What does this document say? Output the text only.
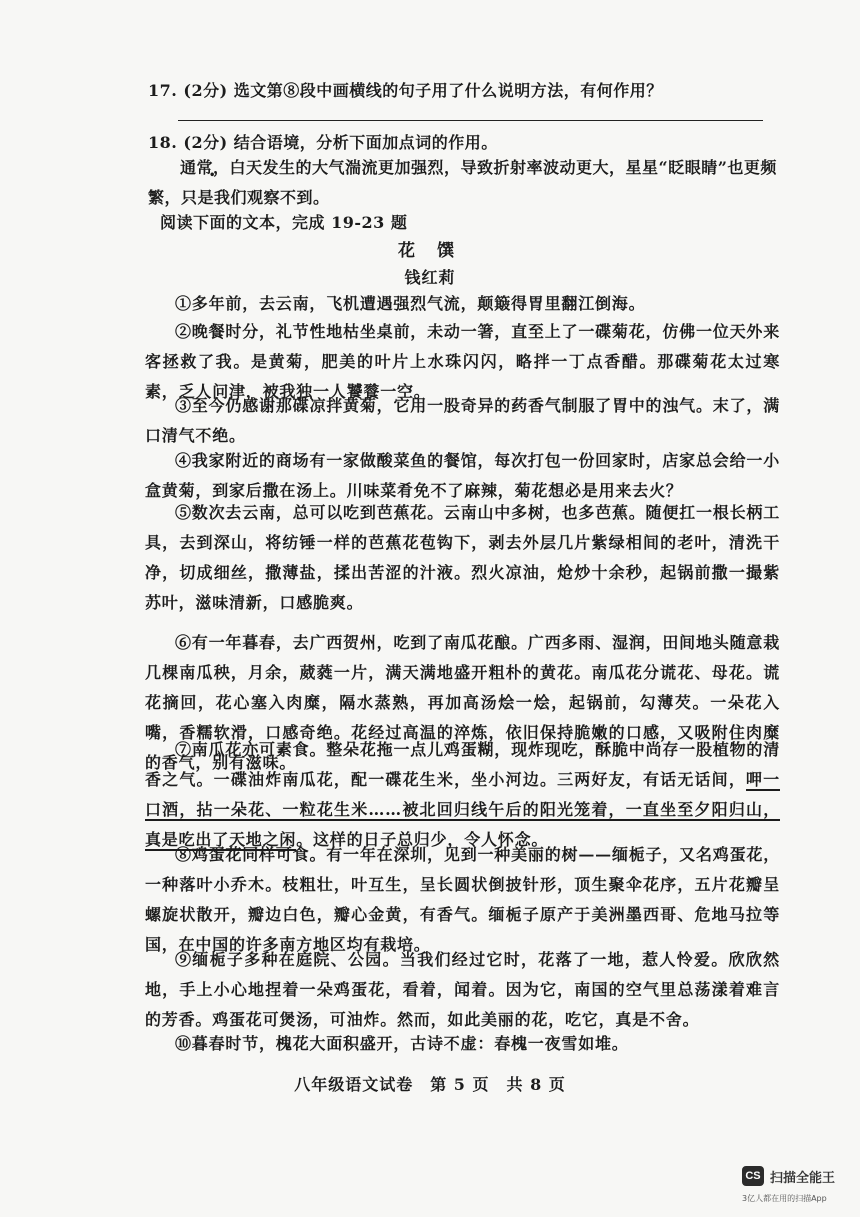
17. (2分) 选文第⑧段中画横线的句子用了什么说明方法，有何作用？
18. (2分) 结合语境，分析下面加点词的作用。
通常，白天发生的大气湍流更加强烈，导致折射率波动更大，星星“眨眼睛”也更频繁，只是我们观察不到。
阅读下面的文本，完成 19-23 题
花 馔
钱红莉
①多年前，去云南，飞机遭遇强烈气流，颠簸得胃里翻江倒海。
②晚餐时分，礼节性地枯坐桌前，未动一箸，直至上了一碟菊花，仿佛一位天外来客拯救了我。是黄菊，肥美的叶片上水珠闪闪，略拌一丁点香醋。那碟菊花太过寒素，乏人问津，被我独一人饕餮一空。
③至今仍感谢那碟凉拌黄菊，它用一股奇异的药香气制服了胃中的浊气。末了，满口清气不绝。
④我家附近的商场有一家做酸菜鱼的餐馆，每次打包一份回家时，店家总会给一小盒黄菊，到家后撒在汤上。川味菜肴免不了麻辣，菊花想必是用来去火？
⑤数次去云南，总可以吃到芭蕉花。云南山中多树，也多芭蕉。随便扛一根长柄工具，去到深山，将纺锤一样的芭蕉花苞钩下，剥去外层几片紫绿相间的老叶，清洗干净，切成细丝，撒薄盐，揉出苦涩的汁液。烈火凉油，炝炒十余秒，起锅前撒一撮紫苏叶，滋味清新，口感脆爽。
⑥有一年暮春，去广西贺州，吃到了南瓜花酿。广西多雨、湿润，田间地头随意栽几棵南瓜秧，月余，葳蕤一片，满天满地盛开粗朴的黄花。南瓜花分谎花、母花。谎花摘回，花心塞入肉糜，隔水蒸熟，再加高汤烩一烩，起锅前，勾薄芡。一朵花入嘴，香糯软滑，口感奇绝。花经过高温的淬炼，依旧保持脆嫩的口感，又吸附住肉糜的香气，别有滋味。
⑦南瓜花亦可素食。整朵花拖一点儿鸡蛋糊，现炸现吃，酥脆中尚存一股植物的清香之气。一碟油炸南瓜花，配一碟花生米，坐小河边。三两好友，有话无话间，呷一口酒，拈一朵花、一粒花生米……被北回归线午后的阳光笼着，一直坐至夕阳归山，真是吃出了天地之闲。这样的日子总归少，令人怀念。
⑧鸡蛋花同样可食。有一年在深圳，见到一种美丽的树——缅栀子，又名鸡蛋花，一种落叶小乔木。枝粗壮，叶互生，呈长圆状倒披针形，顶生聚伞花序，五片花瓣呈螺旋状散开，瓣边白色，瓣心金黄，有香气。缅栀子原产于美洲墨西哥、危地马拉等国，在中国的许多南方地区均有栽培。
⑨缅栀子多种在庭院、公园。当我们经过它时，花落了一地，惹人怜爱。欣欣然地，手上小心地捏着一朵鸡蛋花，看着，闻着。因为它，南国的空气里总荡漾着难言的芳香。鸡蛋花可煲汤，可油炸。然而，如此美丽的花，吃它，真是不舍。
⑩暮春时节，槐花大面积盛开，古诗不虚：春槐一夜雪如堆。
八年级语文试卷　第 5 页　共 8 页
CS 扫描全能王
3亿人都在用的扫描App
